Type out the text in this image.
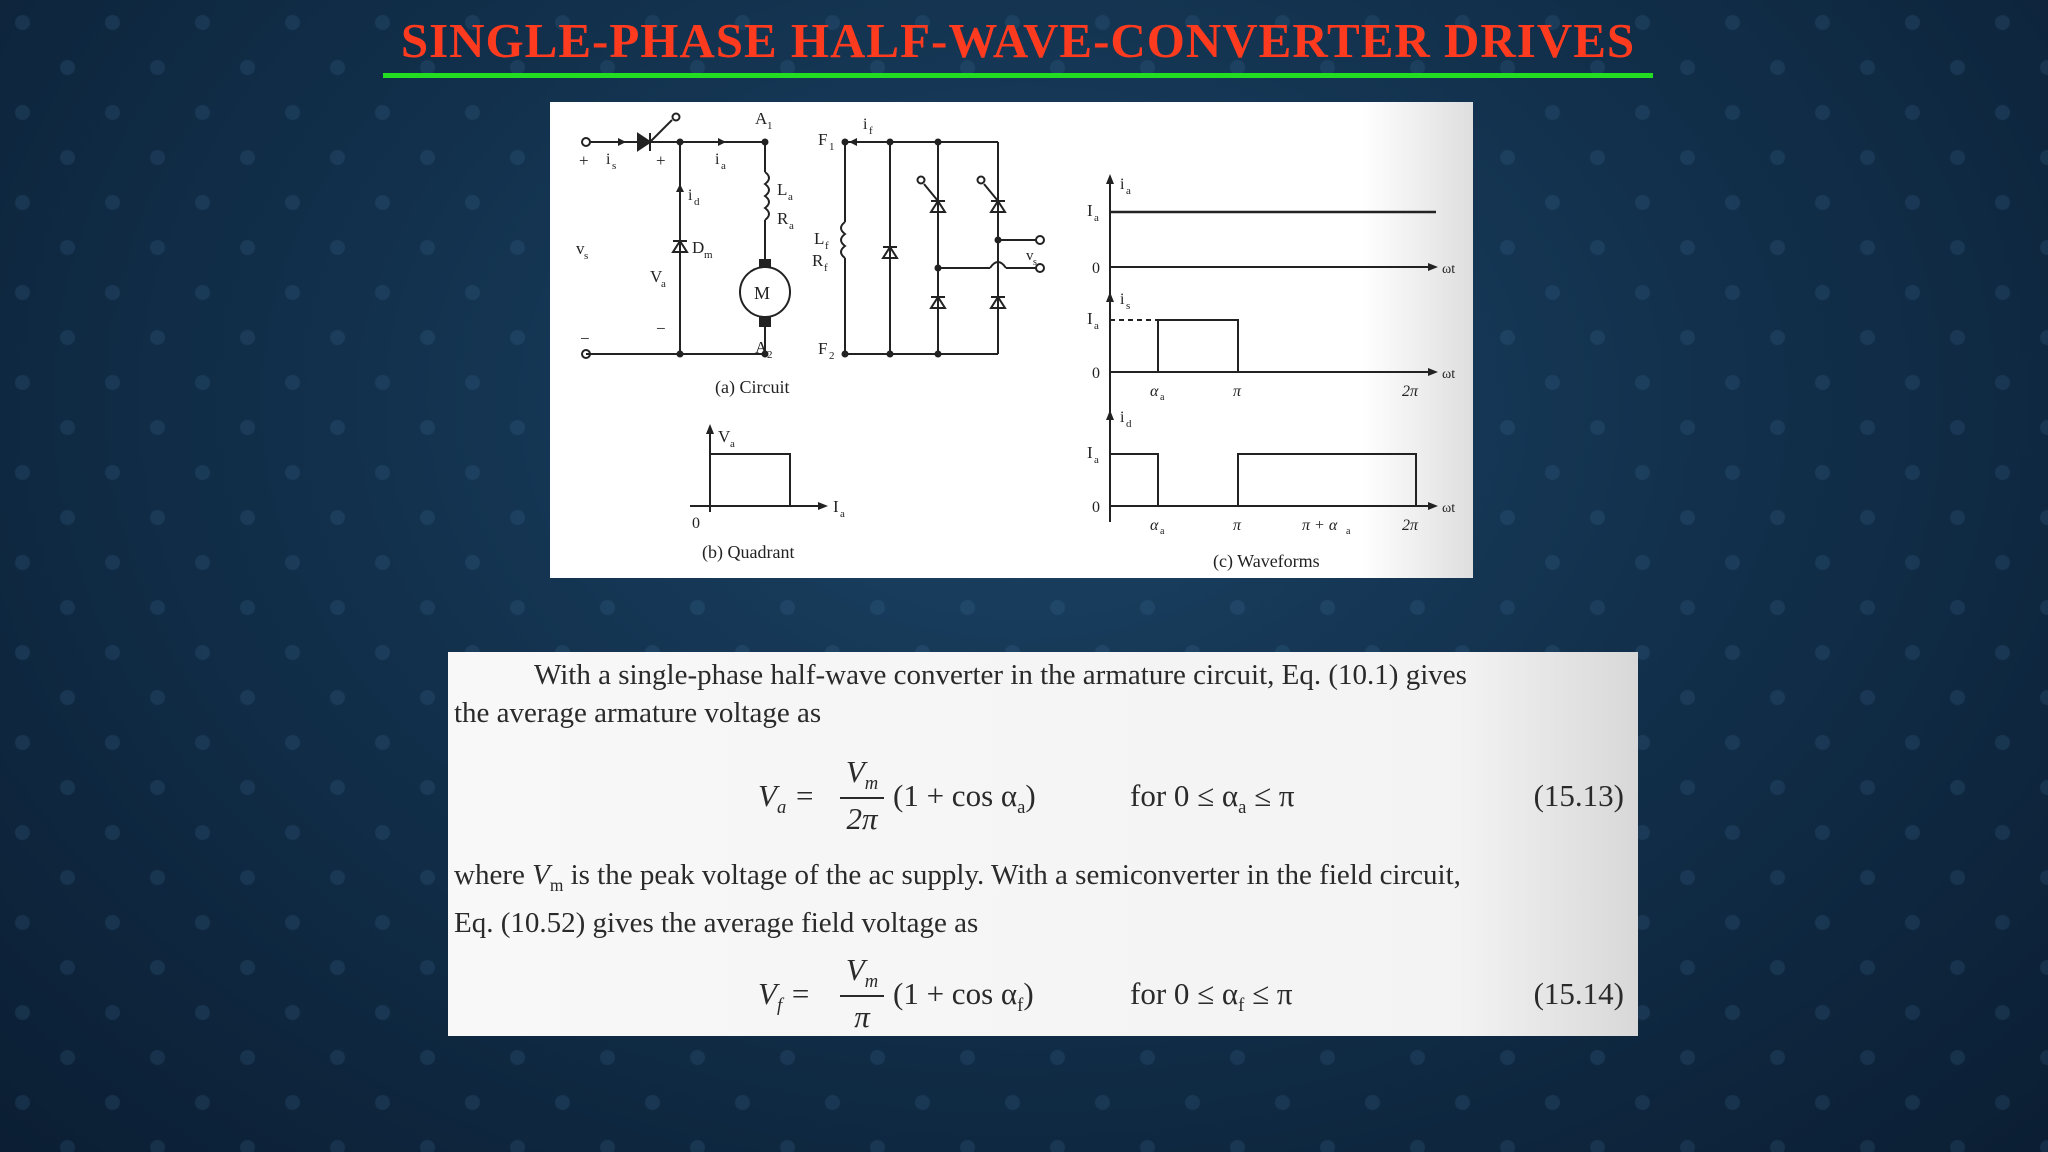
SINGLE-PHASE HALF-WAVE-CONVERTER DRIVES
A 1
A 2
F 1
F 2
L a
R a
L f
R f
D m
V
a
v s
i s	i a
i d
i f
v s
+	+
−
−
M
(a) Circuit
V a
I a
0
(b) Quadrant
i a
I a
0	ωt
i s
I a
0	ωt
α a	π	2π
i d
I a
0	ωt
α a	π	π + α a	2π
(c) Waveforms
With a single-phase half-wave converter in the armature circuit, Eq. (10.1) gives
the average armature voltage as
$V_a = \frac{V_m}{2\pi} (1 + \cos \alpha_a)$	for $0 \le \alpha_a \le \pi$	(15.13)
where $V_m$ is the peak voltage of the ac supply. With a semiconverter in the field circuit,
Eq. (10.52) gives the average field voltage as
$V_f = \frac{V_m}{\pi} (1 + \cos \alpha_f)$	for $0 \le \alpha_f \le \pi$	(15.14)
